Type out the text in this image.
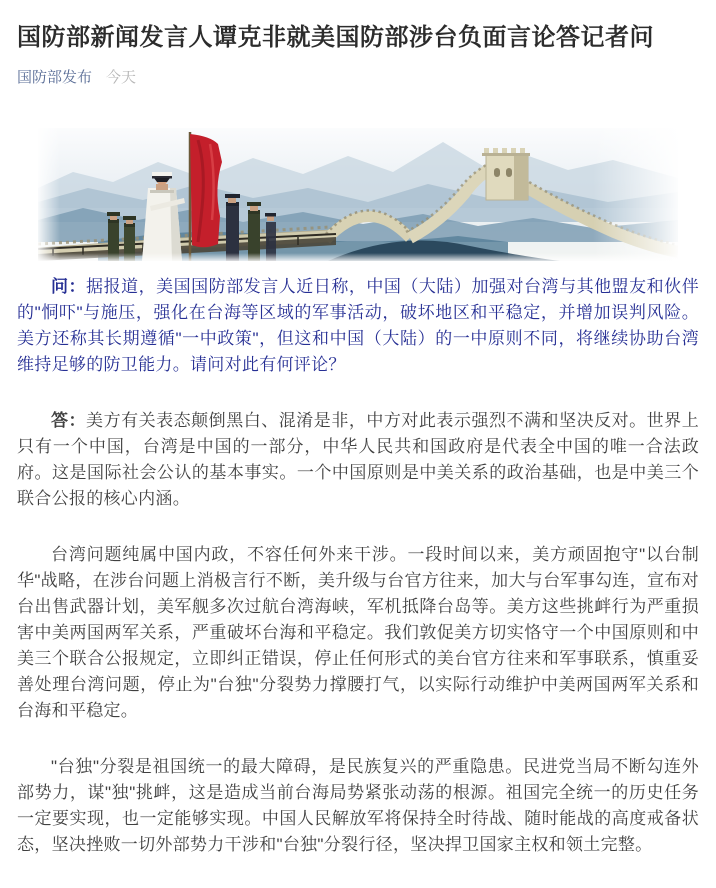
国防部新闻发言人谭克非就美国防部涉台负面言论答记者问
国防部发布 今天

问：据报道，美国国防部发言人近日称，中国（大陆）加强对台湾与其他盟友和伙伴的"恫吓"与施压，强化在台海等区域的军事活动，破坏地区和平稳定，并增加误判风险。美方还称其长期遵循"一中政策"，但这和中国（大陆）的一中原则不同，将继续协助台湾维持足够的防卫能力。请问对此有何评论？

答：美方有关表态颠倒黑白、混淆是非，中方对此表示强烈不满和坚决反对。世界上只有一个中国，台湾是中国的一部分，中华人民共和国政府是代表全中国的唯一合法政府。这是国际社会公认的基本事实。一个中国原则是中美关系的政治基础，也是中美三个联合公报的核心内涵。

台湾问题纯属中国内政，不容任何外来干涉。一段时间以来，美方顽固抱守"以台制华"战略，在涉台问题上消极言行不断，美升级与台官方往来，加大与台军事勾连，宣布对台出售武器计划，美军舰多次过航台湾海峡，军机抵降台岛等。美方这些挑衅行为严重损害中美两国两军关系，严重破坏台海和平稳定。我们敦促美方切实恪守一个中国原则和中美三个联合公报规定，立即纠正错误，停止任何形式的美台官方往来和军事联系，慎重妥善处理台湾问题，停止为"台独"分裂势力撑腰打气，以实际行动维护中美两国两军关系和台海和平稳定。

"台独"分裂是祖国统一的最大障碍，是民族复兴的严重隐患。民进党当局不断勾连外部势力，谋"独"挑衅，这是造成当前台海局势紧张动荡的根源。祖国完全统一的历史任务一定要实现，也一定能够实现。中国人民解放军将保持全时待战、随时能战的高度戒备状态，坚决挫败一切外部势力干涉和"台独"分裂行径，坚决捍卫国家主权和领土完整。
